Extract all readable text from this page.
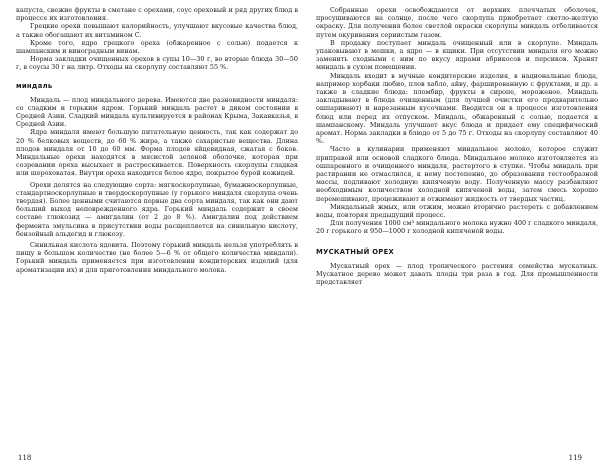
капуста, свежие фрукты в сметане с орехами, соус ореховый и ряд других блюд в процессе их изготовления.

Грецкие орехи повышают калорийность, улучшают вкусовые качества блюд, а также обогащают их витамином С.

Кроме того, ядро грецкого ореха (обжаренное с солью) подается к шампанским и виноградным винам.

Норма закладки очищенных орехов в супы 10—30 г, во вторые блюда 30—50 г, в соусы 30 г на литр. Отходы на скорлупу составляют 55 %.

миндаль

Миндаль — плод миндального дерева. Имеются две разновидности миндаля: со сладким и горьким ядром. Горький миндаль растет в диком состоянии в Средней Азии. Сладкий миндаль культивируется в районах Крыма, Закавказья, в Средней Азии.

Ядра миндаля имеют большую питательную ценность, так как содержат до 20 % белковых веществ, до 60 % жира, а также сахаристые вещества. Длина плодов миндаля от 10 до 60 мм. Форма плодов яйцевидная, сжатая с боков. Миндальные орехи находятся в мясистой зеленой оболочке, которая при созревании ореха высыхает и растрескивается. Поверхность скорлупы гладкая или шероховатая. Внутри ореха находится белое ядро, покрытое бурой кожицей.

Орехи делятся на следующие сорта: мягкоскорлупные, бумажноскорлупные, стандартноскорлупные и твердоскорлупные (у горького миндаля скорлупа очень твердая). Более ценными считаются первые два сорта миндаля, так как они дают больший выход неповрежденного ядра. Горький миндаль содержит в своем составе глюкозид — амигдалин (от 2 до 8 %). Амигдалин под действием фермента эмульсина в присутствии воды расщепляется на синильную кислоту, бензойный альдегид и глюкозу.

Синильная кислота ядовита. Поэтому горький миндаль нельзя употреблять в пищу в большом количестве (не более 5—6 % от общего количества миндаля). Горький миндаль применяется при изготовлении кондитерских изделий (для ароматизации их) и для приготовления миндального молока.

118

Собранные орехи освобождаются от верхних плеччатых оболочек, просушиваются на солнце, после чего скорлупа приобретает светло-желтую окраску. Для получения более светлой окраски скорлупы миндаль отбеливается путем окуривания сернистым газом.

В продажу поступает миндаль очищенный или в скорлупе. Миндаль упаковывают в мешки, а ядро — в ящики. При отсутствии миндаля его можно заменить сходными с ним по вкусу ядрами абрикосов и персиков. Хранят миндаль в сухом помещении.

Миндаль входит в мучные кондитерские изделия, в национальные блюда, например хорбаки любио, плов хабло, айву, фаршированную с фруктами, и др. а также в сладкие блюда: пломбир, фрукты в сиропе, мороженое. Миндаль закладывают в блюда очищенным (для лучшей очистки его предварительно ошпаривают) и нарезанным кусочками. Вводится он в процессе изготовления блюд или перед их отпуском. Миндаль, обжаренный с солью, подается к шампанскому. Миндаль улучшает вкус блюда и придает ему специфический аромат. Норма закладки в блюдо от 5 до 75 г. Отходы на скорлупу составляют 40 %.

Часто в кулинарии применяют миндальное молоко, которое служит приправой или основой сладкого блюда. Миндальное молоко изготовляется из ошпаренного и очищенного миндаля, растертого в ступке. Чтобы миндаль при растирании не отмаслился, к нему постепенно, до образования тестообразной массы, подливают холодную кипяченую воду. Полученную массу разбавляют необходимым количеством холодной кипяченой воды, затем смесь хорошо перемешивают, процеживают и отжимают жидкость от твердых частиц.

Миндальный жмых, или отжим, можно вторично растереть с добавлением воды, повторяя предыдущий процесс.

Для получения 1000 см³ миндального молока нужно 400 г сладкого миндаля, 20 г горького и 950—1000 г холодной кипяченой воды.

МУСКАТНЫЙ ОРЕХ

Мускатный орех — плод тропического растения семейства мускатных. Мускатное дерево может давать плоды три раза в год. Для промышленности представляет

119
